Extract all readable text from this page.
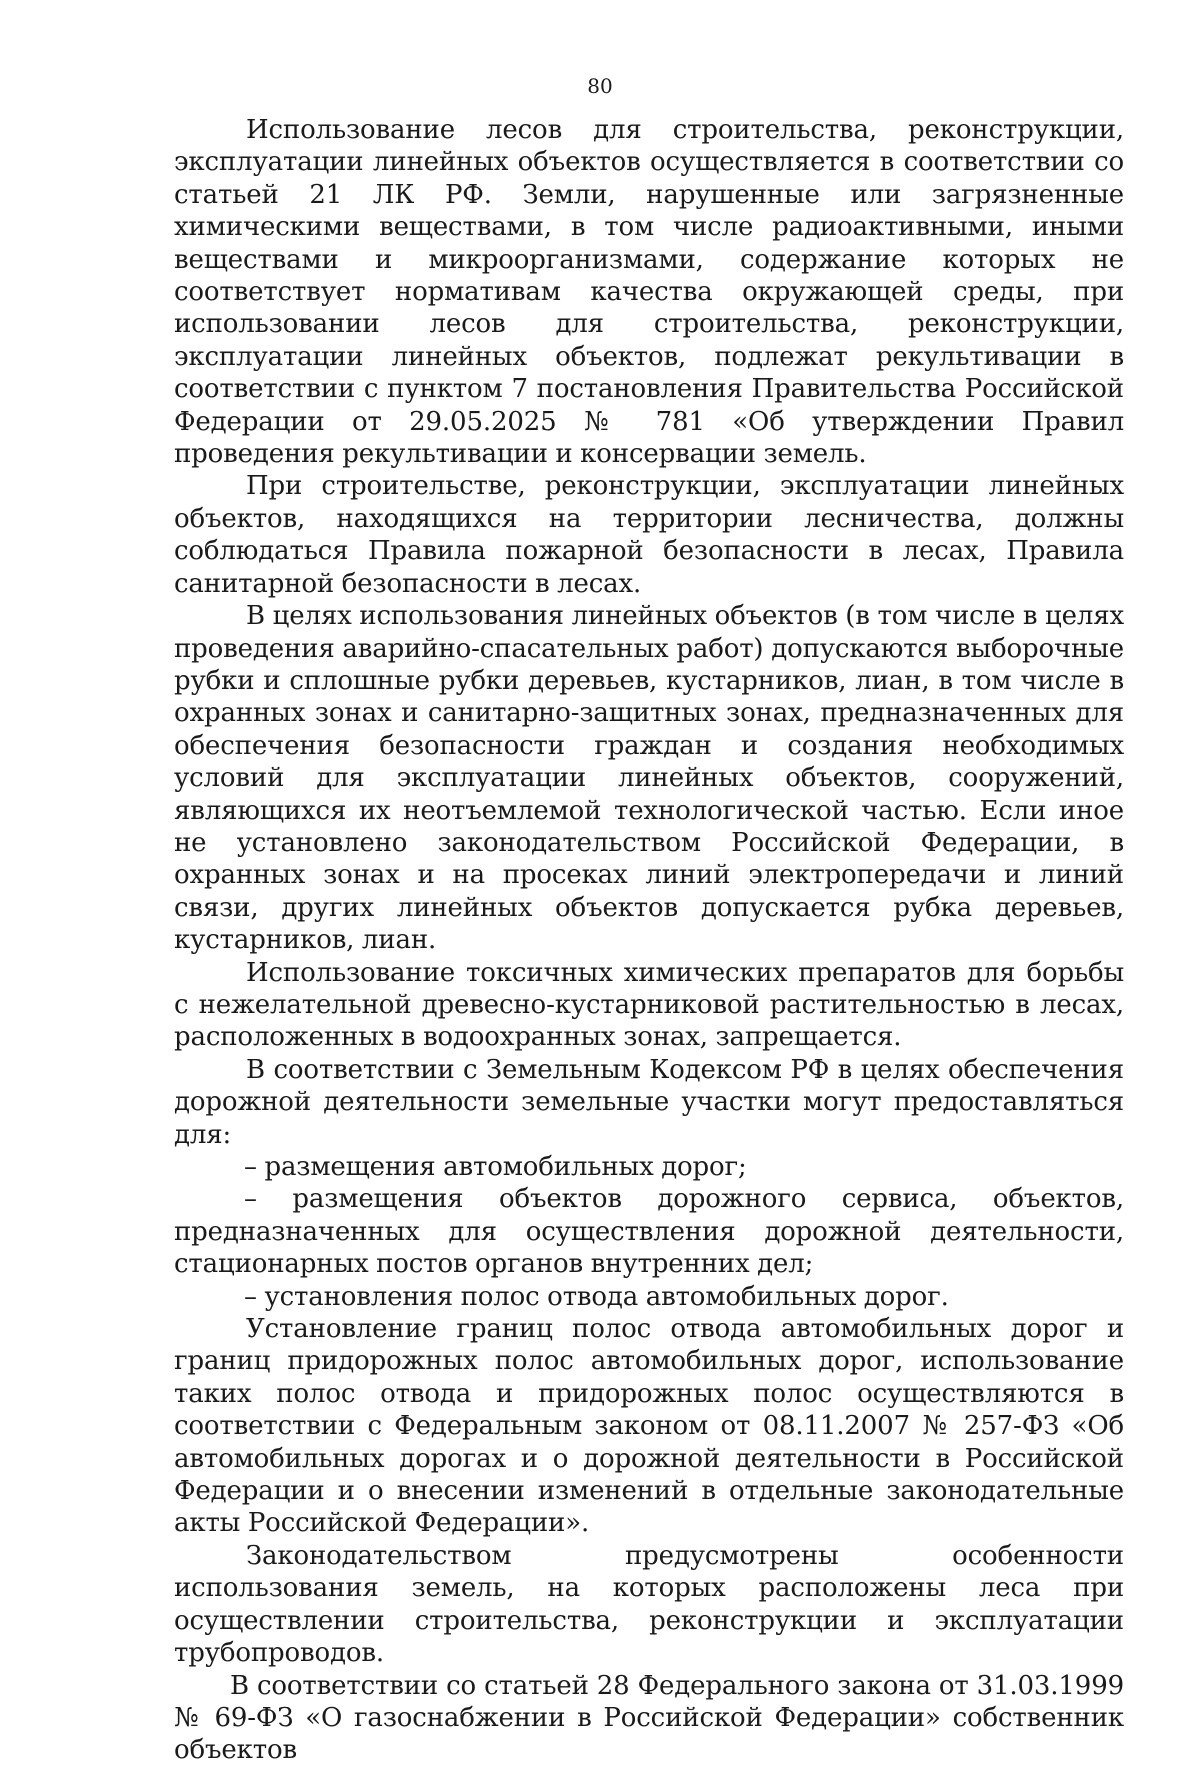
80

Использование лесов для строительства, реконструкции, эксплуатации линейных объектов осуществляется в соответствии со статьей 21 ЛК РФ. Земли, нарушенные или загрязненные химическими веществами, в том числе радиоактивными, иными веществами и микроорганизмами, содержание которых не соответствует нормативам качества окружающей среды, при использовании лесов для строительства, реконструкции, эксплуатации линейных объектов, подлежат рекультивации в соответствии с пунктом 7 постановления Правительства Российской Федерации от 29.05.2025 № 781 «Об утверждении Правил проведения рекультивации и консервации земель.

При строительстве, реконструкции, эксплуатации линейных объектов, находящихся на территории лесничества, должны соблюдаться Правила пожарной безопасности в лесах, Правила санитарной безопасности в лесах.

В целях использования линейных объектов (в том числе в целях проведения аварийно-спасательных работ) допускаются выборочные рубки и сплошные рубки деревьев, кустарников, лиан, в том числе в охранных зонах и санитарно-защитных зонах, предназначенных для обеспечения безопасности граждан и создания необходимых условий для эксплуатации линейных объектов, сооружений, являющихся их неотъемлемой технологической частью. Если иное не установлено законодательством Российской Федерации, в охранных зонах и на просеках линий электропередачи и линий связи, других линейных объектов допускается рубка деревьев, кустарников, лиан.

Использование токсичных химических препаратов для борьбы с нежелательной древесно-кустарниковой растительностью в лесах, расположенных в водоохранных зонах, запрещается.

В соответствии с Земельным Кодексом РФ в целях обеспечения дорожной деятельности земельные участки могут предоставляться для:

– размещения автомобильных дорог;

– размещения объектов дорожного сервиса, объектов, предназначенных для осуществления дорожной деятельности, стационарных постов органов внутренних дел;

– установления полос отвода автомобильных дорог.

Установление границ полос отвода автомобильных дорог и границ придорожных полос автомобильных дорог, использование таких полос отвода и придорожных полос осуществляются в соответствии с Федеральным законом от 08.11.2007 № 257-ФЗ «Об автомобильных дорогах и о дорожной деятельности в Российской Федерации и о внесении изменений в отдельные законодательные акты Российской Федерации».

Законодательством предусмотрены особенности использования земель, на которых расположены леса при осуществлении строительства, реконструкции и эксплуатации трубопроводов.

В соответствии со статьей 28 Федерального закона от 31.03.1999 № 69-ФЗ «О газоснабжении в Российской Федерации» собственник объектов
